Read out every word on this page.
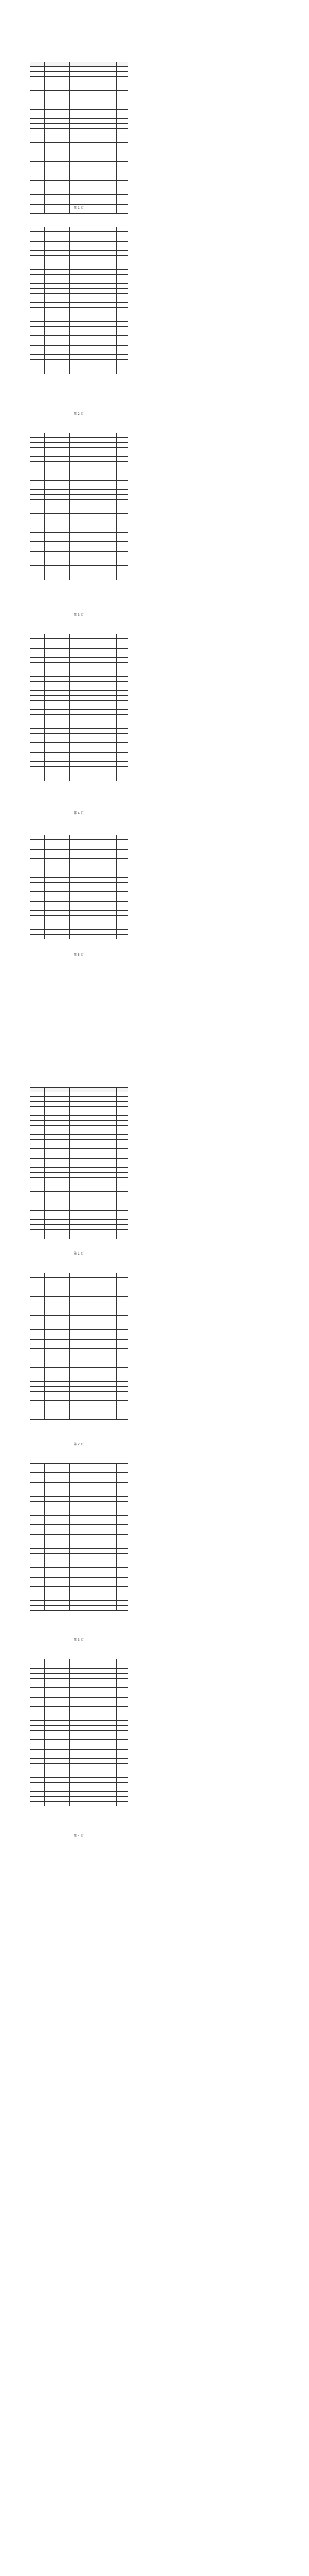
第 1 页

第 2 页

第 3 页

第 4 页

第 5 页

第 1 页

第 2 页

第 3 页

第 4 页
